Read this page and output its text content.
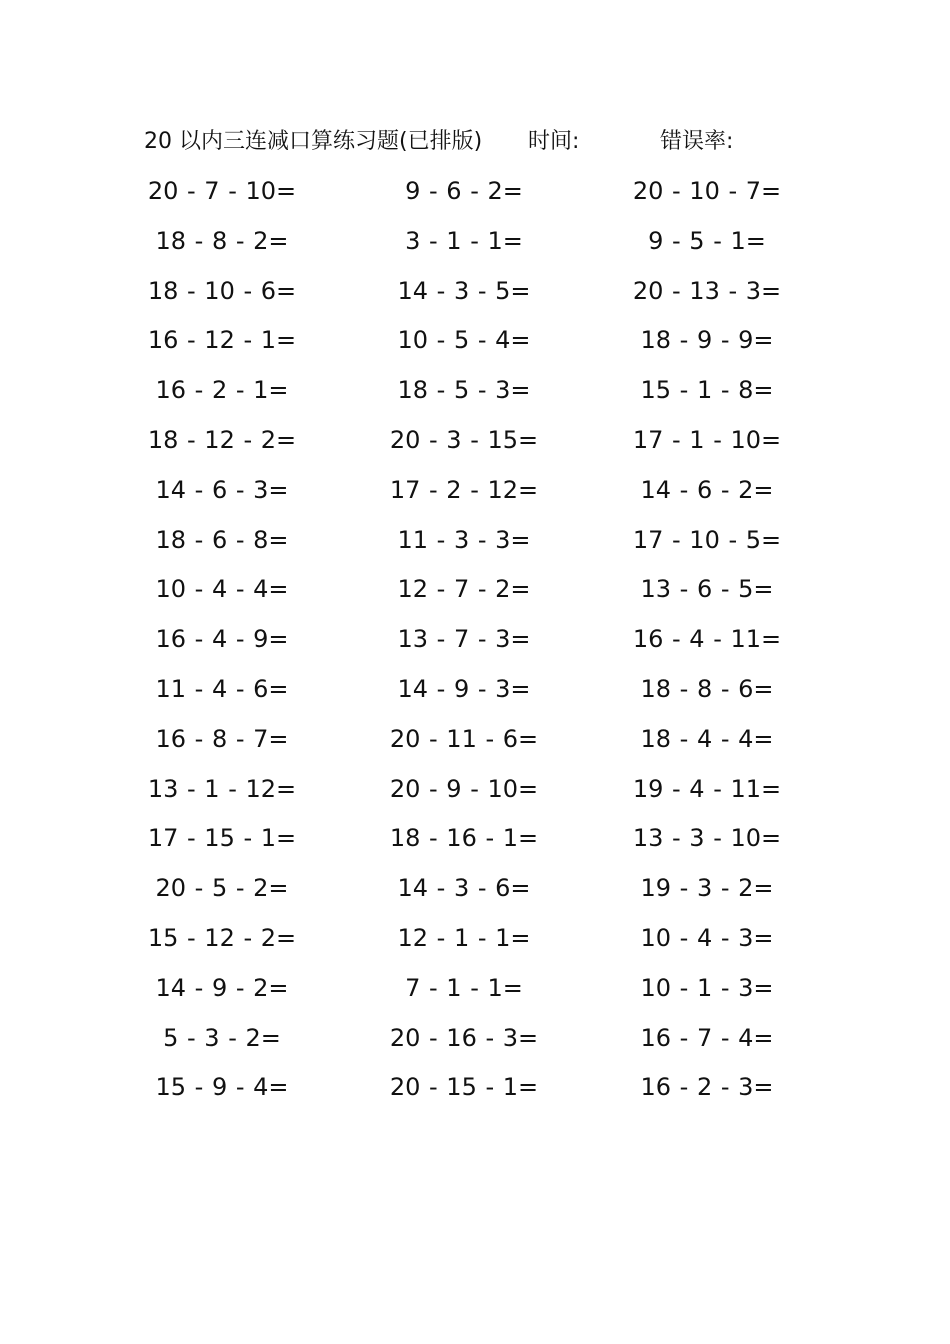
20 以内三连减口算练习题(已排版) 时间:	错误率:
20 - 7 - 10=	9 - 6 - 2=	20 - 10 - 7=
18 - 8 - 2=	3 - 1 - 1=	9 - 5 - 1=
18 - 10 - 6=	14 - 3 - 5=	20 - 13 - 3=
16 - 12 - 1=	10 - 5 - 4=	18 - 9 - 9=
16 - 2 - 1=	18 - 5 - 3=	15 - 1 - 8=
18 - 12 - 2=	20 - 3 - 15=	17 - 1 - 10=
14 - 6 - 3=	17 - 2 - 12=	14 - 6 - 2=
18 - 6 - 8=	11 - 3 - 3=	17 - 10 - 5=
10 - 4 - 4=	12 - 7 - 2=	13 - 6 - 5=
16 - 4 - 9=	13 - 7 - 3=	16 - 4 - 11=
11 - 4 - 6=	14 - 9 - 3=	18 - 8 - 6=
16 - 8 - 7=	20 - 11 - 6=	18 - 4 - 4=
13 - 1 - 12=	20 - 9 - 10=	19 - 4 - 11=
17 - 15 - 1=	18 - 16 - 1=	13 - 3 - 10=
20 - 5 - 2=	14 - 3 - 6=	19 - 3 - 2=
15 - 12 - 2=	12 - 1 - 1=	10 - 4 - 3=
14 - 9 - 2=	7 - 1 - 1=	10 - 1 - 3=
5 - 3 - 2=	20 - 16 - 3=	16 - 7 - 4=
15 - 9 - 4=	20 - 15 - 1=	16 - 2 - 3=
